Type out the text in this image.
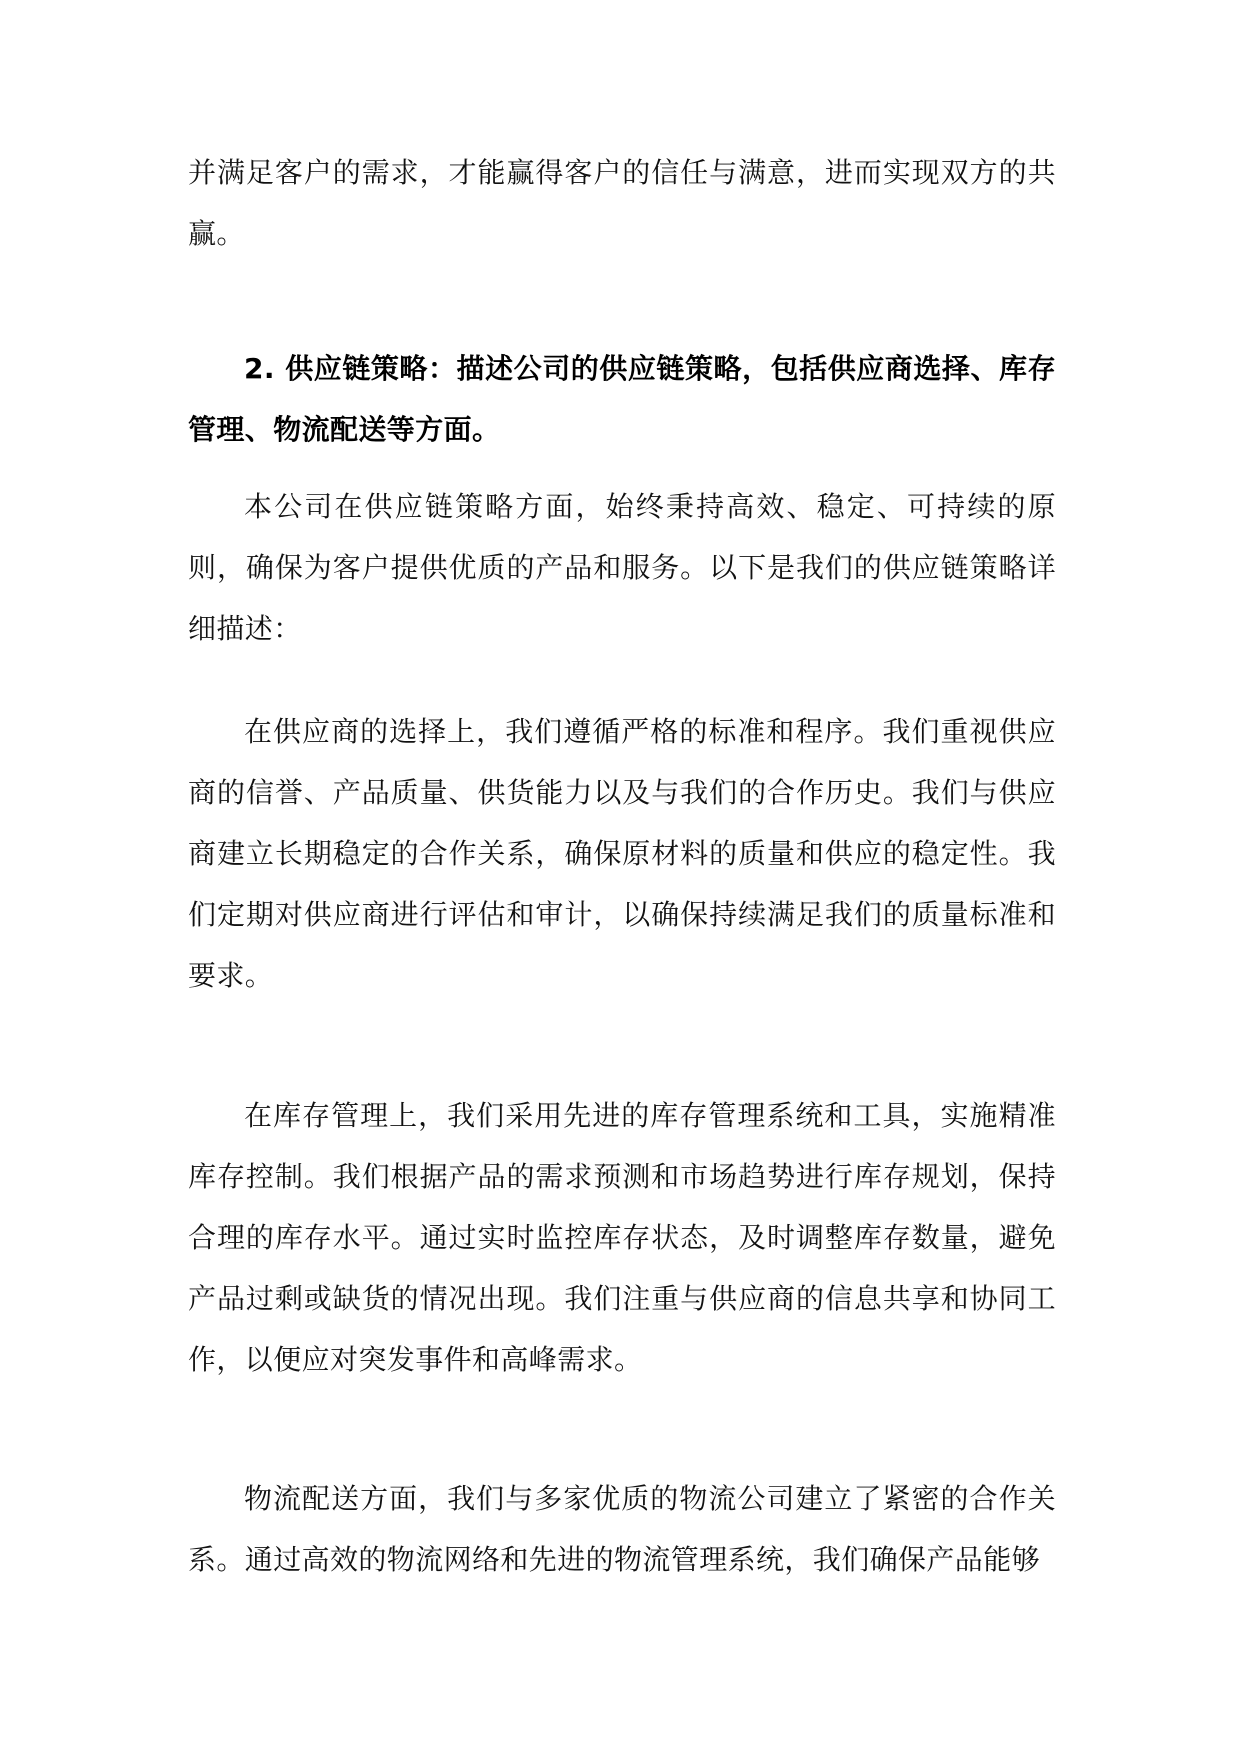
并满足客户的需求，才能赢得客户的信任与满意，进而实现双方的共赢。

2. 供应链策略：描述公司的供应链策略，包括供应商选择、库存管理、物流配送等方面。

本公司在供应链策略方面，始终秉持高效、稳定、可持续的原则，确保为客户提供优质的产品和服务。以下是我们的供应链策略详细描述：

在供应商的选择上，我们遵循严格的标准和程序。我们重视供应商的信誉、产品质量、供货能力以及与我们的合作历史。我们与供应商建立长期稳定的合作关系，确保原材料的质量和供应的稳定性。我们定期对供应商进行评估和审计，以确保持续满足我们的质量标准和要求。

在库存管理上，我们采用先进的库存管理系统和工具，实施精准库存控制。我们根据产品的需求预测和市场趋势进行库存规划，保持合理的库存水平。通过实时监控库存状态，及时调整库存数量，避免产品过剩或缺货的情况出现。我们注重与供应商的信息共享和协同工作，以便应对突发事件和高峰需求。

物流配送方面，我们与多家优质的物流公司建立了紧密的合作关系。通过高效的物流网络和先进的物流管理系统，我们确保产品能够
